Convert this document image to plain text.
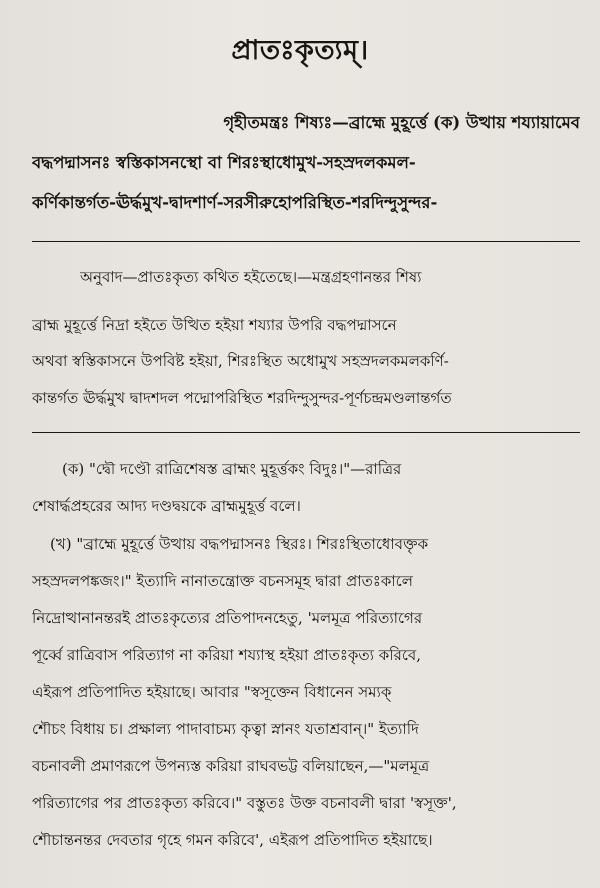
প্রাতঃকৃত্যম্।
গৃহীতমন্ত্রঃ শিষ্যঃ—ব্রাহ্মে মুহূর্ত্তে (ক) উত্থায় শয্যায়ামেব
বদ্ধপদ্মাসনঃ স্বস্তিকাসনস্থো বা শিরঃস্থাধোমুখ-সহস্রদলকমল-
কর্ণিকান্তর্গত-ঊর্দ্ধমুখ-দ্বাদশার্ণ-সরসীরুহোপরিস্থিত-শরদিন্দুসুন্দর-
অনুবাদ—প্রাতঃকৃত্য কথিত হইতেছে।—মন্ত্রগ্রহণানন্তর শিষ্য
ব্রাহ্ম মুহূর্ত্তে নিদ্রা হইতে উত্থিত হইয়া শয্যার উপরি বদ্ধপদ্মাসনে
অথবা স্বস্তিকাসনে উপবিষ্ট হইয়া, শিরঃস্থিত অধোমুখ সহস্রদলকমলকর্ণি-
কান্তর্গত ঊর্দ্ধমুখ দ্বাদশদল পদ্মোপরিস্থিত শরদিন্দুসুন্দর-পূর্ণচন্দ্রমণ্ডলান্তর্গত
(ক) "দ্বৌ দণ্ডৌ রাত্রিশেষস্ত ব্রাহ্মং মুহূর্ত্তকং বিদুঃ।"—রাত্রির
শেষার্দ্ধপ্রহরের আদ্য দণ্ডদ্বয়কে ব্রাহ্মমুহূর্ত্ত বলে।
(খ) "ব্রাহ্মে মুহূর্ত্তে উত্থায় বদ্ধপদ্মাসনঃ স্থিরঃ। শিরঃস্থিতাধোবক্তৃক
সহস্রদলপঙ্কজং।" ইত্যাদি নানাতন্ত্রোক্ত বচনসমূহ দ্বারা প্রাতঃকালে
নিদ্রোত্থানানন্তরই প্রাতঃকৃত্যের প্রতিপাদনহেতু, 'মলমূত্র পরিত্যাগের
পূর্ব্বে রাত্রিবাস পরিত্যাগ না করিয়া শয্যাস্থ হইয়া প্রাতঃকৃত্য করিবে,
এইরূপ প্রতিপাদিত হইয়াছে। আবার "স্বসূক্তেন বিধানেন সম্যক্
শৌচং বিধায় চ। প্রক্ষাল্য পাদাবাচম্য কৃত্বা স্নানং যতাশ্রবান্।" ইত্যাদি
বচনাবলী প্রমাণরূপে উপন্যস্ত করিয়া রাঘবভট্ট বলিয়াছেন,—"মলমূত্র
পরিত্যাগের পর প্রাতঃকৃত্য করিবে।" বস্তুতঃ উক্ত বচনাবলী দ্বারা 'স্বসূক্ত',
শৌচান্তনন্তর দেবতার গৃহে গমন করিবে', এইরূপ প্রতিপাদিত হইয়াছে।
